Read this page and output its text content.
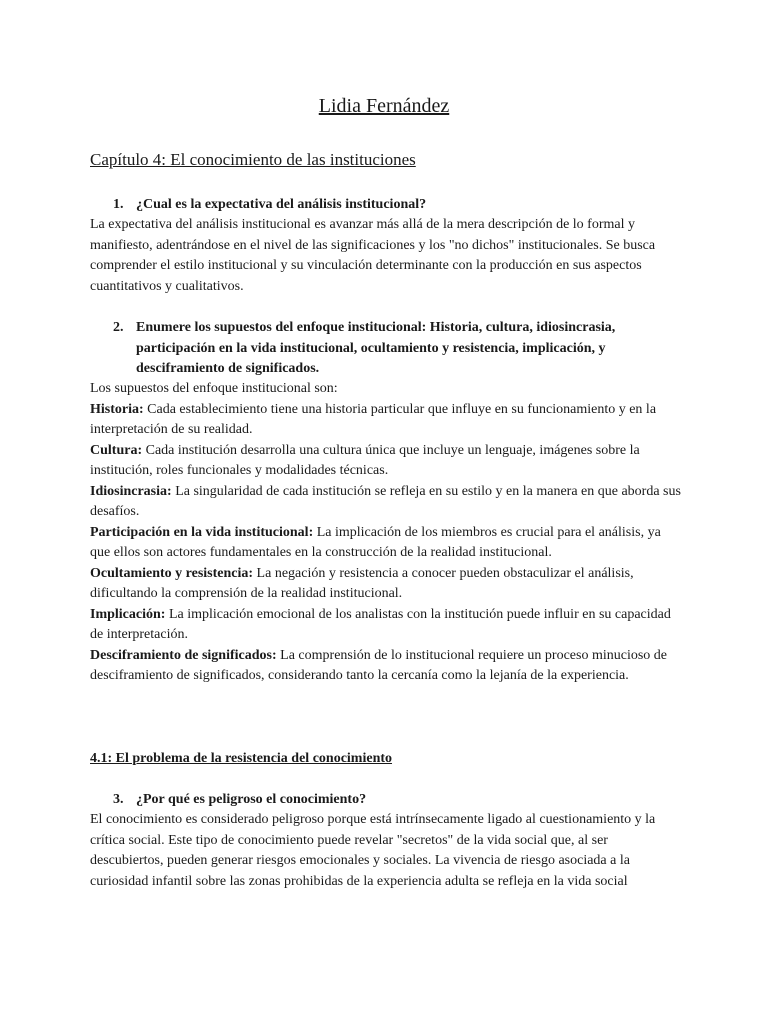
Lidia Fernández
Capítulo 4: El conocimiento de las instituciones
1. ¿Cual es la expectativa del análisis institucional?

La expectativa del análisis institucional es avanzar más allá de la mera descripción de lo formal y manifiesto, adentrándose en el nivel de las significaciones y los "no dichos" institucionales. Se busca comprender el estilo institucional y su vinculación determinante con la producción en sus aspectos cuantitativos y cualitativos.

2. Enumere los supuestos del enfoque institucional: Historia, cultura, idiosincrasia, participación en la vida institucional, ocultamiento y resistencia, implicación, y desciframiento de significados.

Los supuestos del enfoque institucional son:

Historia: Cada establecimiento tiene una historia particular que influye en su funcionamiento y en la interpretación de su realidad.

Cultura: Cada institución desarrolla una cultura única que incluye un lenguaje, imágenes sobre la institución, roles funcionales y modalidades técnicas.

Idiosincrasia: La singularidad de cada institución se refleja en su estilo y en la manera en que aborda sus desafíos.

Participación en la vida institucional: La implicación de los miembros es crucial para el análisis, ya que ellos son actores fundamentales en la construcción de la realidad institucional.

Ocultamiento y resistencia: La negación y resistencia a conocer pueden obstaculizar el análisis, dificultando la comprensión de la realidad institucional.

Implicación: La implicación emocional de los analistas con la institución puede influir en su capacidad de interpretación.

Desciframiento de significados: La comprensión de lo institucional requiere un proceso minucioso de desciframiento de significados, considerando tanto la cercanía como la lejanía de la experiencia.

4.1: El problema de la resistencia del conocimiento
3. ¿Por qué es peligroso el conocimiento?

El conocimiento es considerado peligroso porque está intrínsecamente ligado al cuestionamiento y la crítica social. Este tipo de conocimiento puede revelar "secretos" de la vida social que, al ser descubiertos, pueden generar riesgos emocionales y sociales. La vivencia de riesgo asociada a la curiosidad infantil sobre las zonas prohibidas de la experiencia adulta se refleja en la vida social
